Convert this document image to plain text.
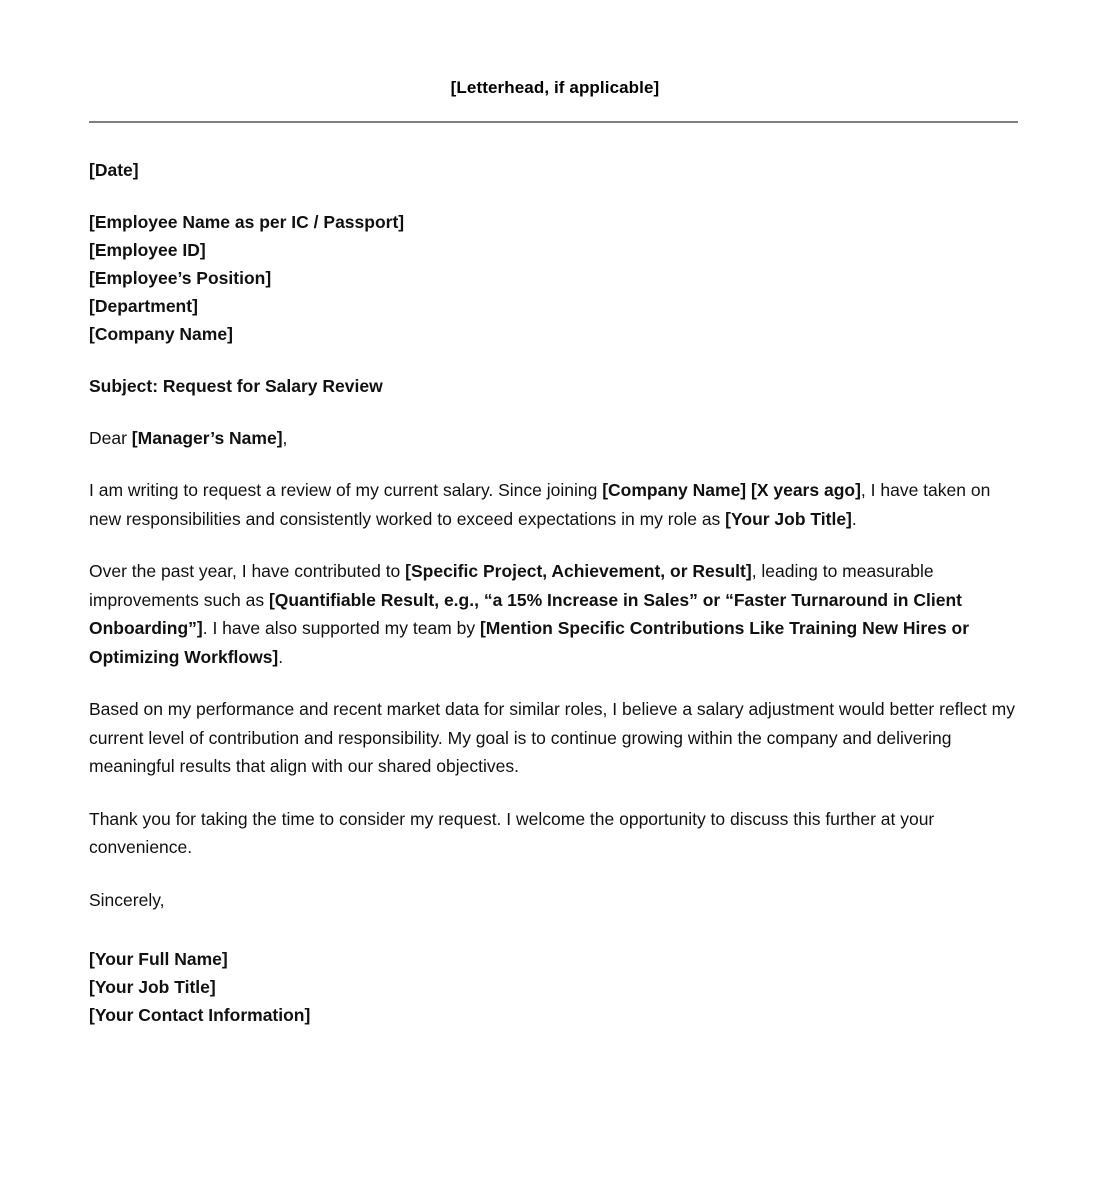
[Letterhead, if applicable]
[Date]
[Employee Name as per IC / Passport]
[Employee ID]
[Employee’s Position]
[Department]
[Company Name]
Subject: Request for Salary Review
Dear [Manager’s Name],

I am writing to request a review of my current salary. Since joining [Company Name] [X years ago], I have taken on new responsibilities and consistently worked to exceed expectations in my role as [Your Job Title].

Over the past year, I have contributed to [Specific Project, Achievement, or Result], leading to measurable improvements such as [Quantifiable Result, e.g., “a 15% Increase in Sales” or “Faster Turnaround in Client Onboarding”]. I have also supported my team by [Mention Specific Contributions Like Training New Hires or Optimizing Workflows].

Based on my performance and recent market data for similar roles, I believe a salary adjustment would better reflect my current level of contribution and responsibility. My goal is to continue growing within the company and delivering meaningful results that align with our shared objectives.

Thank you for taking the time to consider my request. I welcome the opportunity to discuss this further at your convenience.

Sincerely,
[Your Full Name]
[Your Job Title]
[Your Contact Information]
